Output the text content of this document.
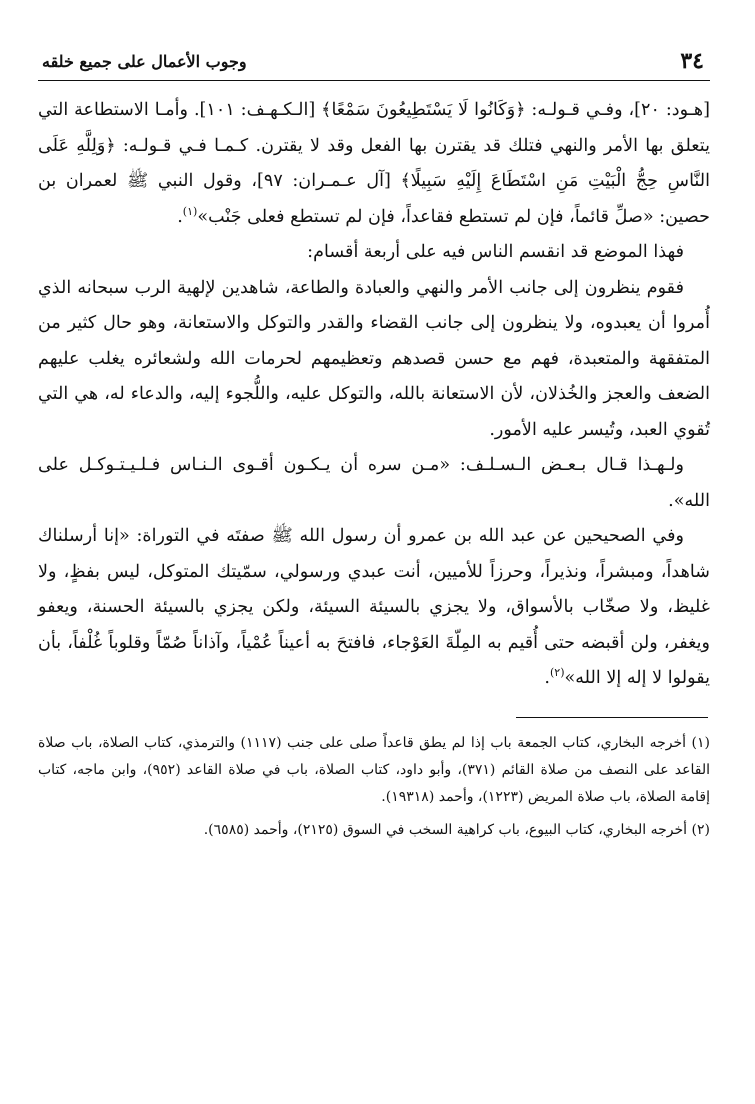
٣٤
وجوب الأعمال على جميع خلقه

[هـود: ٢٠]، وفـي قـولـه: ﴿وَكَانُوا لَا يَسْتَطِيعُونَ سَمْعًا﴾ [الـكـهـف: ١٠١]. وأمـا الاستطاعة التي يتعلق بها الأمر والنهي فتلك قد يقترن بها الفعل وقد لا يقترن. كـمـا فـي قـولـه: ﴿وَلِلَّهِ عَلَى النَّاسِ حِجُّ الْبَيْتِ مَنِ اسْتَطَاعَ إِلَيْهِ سَبِيلًا﴾ [آل عـمـران: ٩٧]، وقول النبي ﷺ لعمران بن حصين: «صلِّ قائماً، فإن لم تستطع فقاعداً، فإن لم تستطع فعلى جَنْب»$^{(١)}$.

فهذا الموضع قد انقسم الناس فيه على أربعة أقسام:

فقوم ينظرون إلى جانب الأمر والنهي والعبادة والطاعة، شاهدين لإلهية الرب سبحانه الذي أُمروا أن يعبدوه، ولا ينظرون إلى جانب القضاء والقدر والتوكل والاستعانة، وهو حال كثير من المتفقهة والمتعبدة، فهم مع حسن قصدهم وتعظيمهم لحرمات الله ولشعائره يغلب عليهم الضعف والعجز والخُذلان، لأن الاستعانة بالله، والتوكل عليه، واللُّجوء إليه، والدعاء له، هي التي تُقوي العبد، وتُيسر عليه الأمور.

ولـهـذا قـال بـعـض الـسـلـف: «مـن سره أن يـكـون أقـوى الـنـاس فـلـيـتـوكـل على الله».

وفي الصحيحين عن عبد الله بن عمرو أن رسول الله ﷺ صفتَه في التوراة: «إنا أرسلناك شاهداً، ومبشراً، ونذيراً، وحرزاً للأميين، أنت عبدي ورسولي، سمّيتك المتوكل، ليس بفظٍ، ولا غليظ، ولا صخّاب بالأسواق، ولا يجزي بالسيئة السيئة، ولكن يجزي بالسيئة الحسنة، ويعفو ويغفر، ولن أقبضه حتى أُقيم به المِلّةَ العَوْجاء، فافتحَ به أعيناً عُمْياً، وآذاناً صُمّاً وقلوباً غُلْفاً، بأن يقولوا لا إله إلا الله»$^{(٢)}$.

(١) أخرجه البخاري، كتاب الجمعة باب إذا لم يطق قاعداً صلى على جنب (١١١٧) والترمذي، كتاب الصلاة، باب صلاة القاعد على النصف من صلاة القائم (٣٧١)، وأبو داود، كتاب الصلاة، باب في صلاة القاعد (٩٥٢)، وابن ماجه، كتاب إقامة الصلاة، باب صلاة المريض (١٢٢٣)، وأحمد (١٩٣١٨).

(٢) أخرجه البخاري، كتاب البيوع، باب كراهية السخب في السوق (٢١٢٥)، وأحمد (٦٥٨٥).
